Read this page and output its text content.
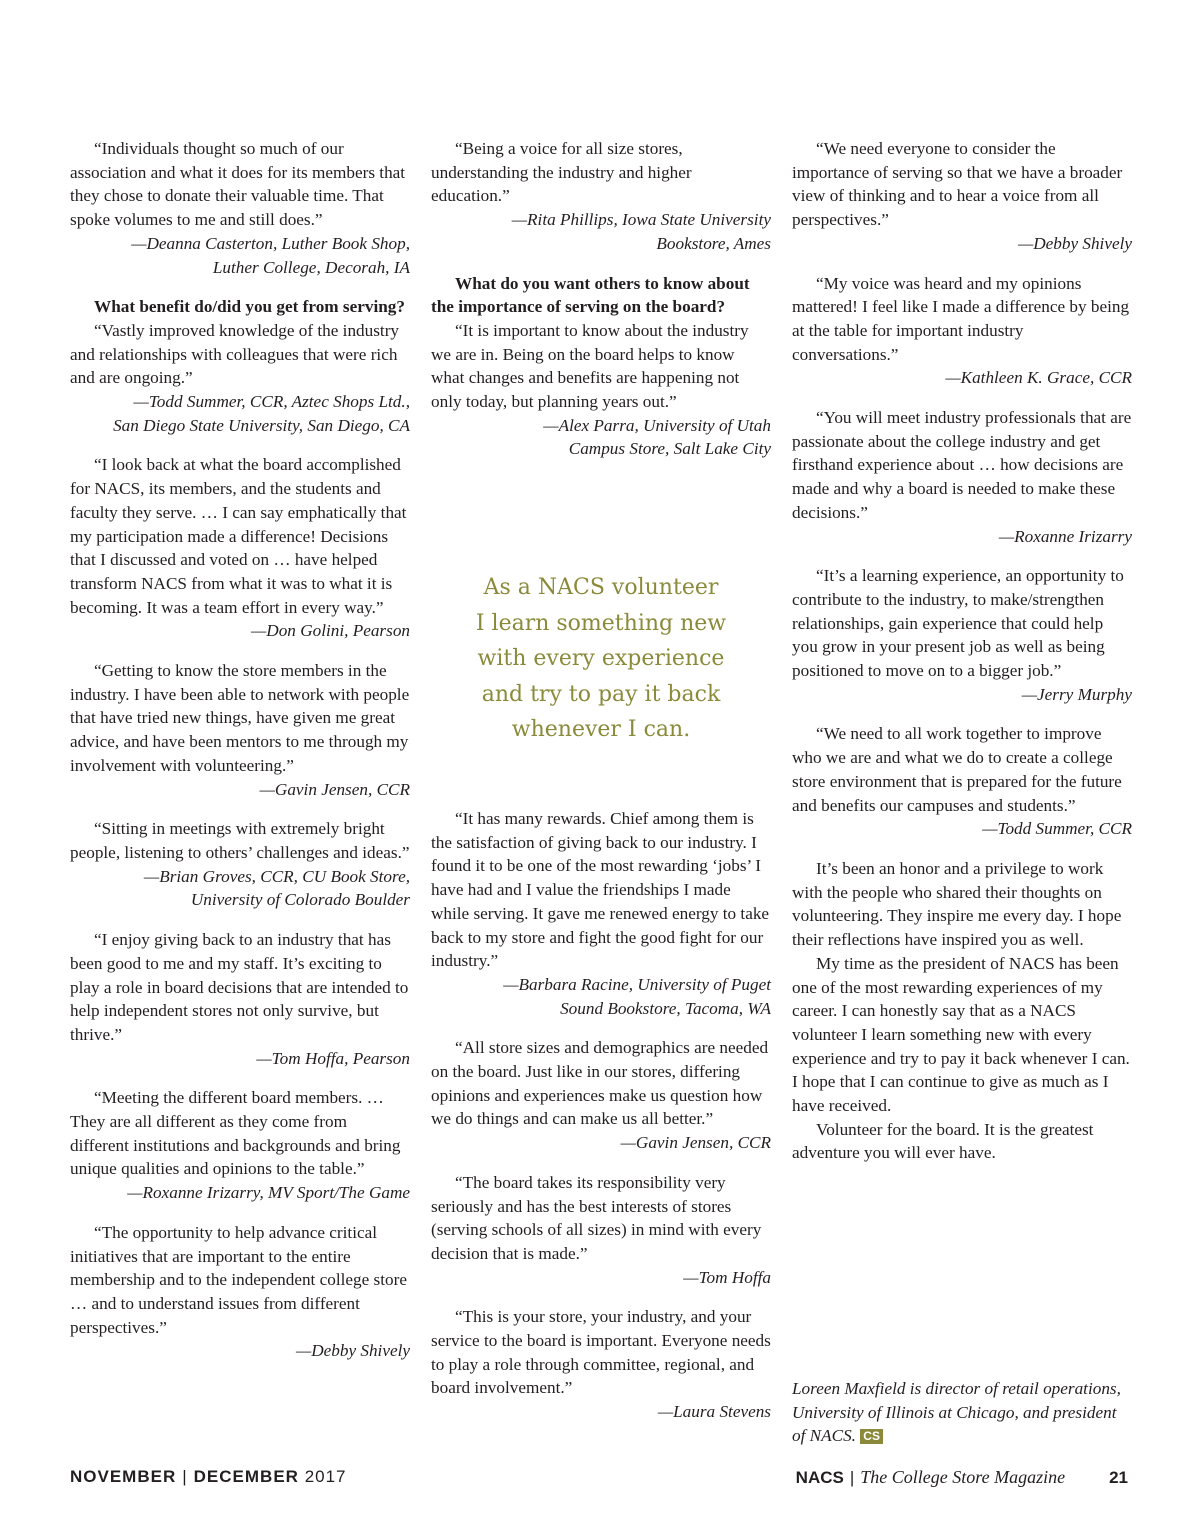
“Individuals thought so much of our association and what it does for its members that they chose to donate their valuable time. That spoke volumes to me and still does.”

—Deanna Casterton, Luther Book Shop,
Luther College, Decorah, IA

What benefit do/did you get from serving?

“Vastly improved knowledge of the industry and relationships with colleagues that were rich and are ongoing.”

—Todd Summer, CCR, Aztec Shops Ltd.,
San Diego State University, San Diego, CA

“I look back at what the board accomplished for NACS, its members, and the students and faculty they serve. … I can say emphatically that my participation made a difference! Decisions that I discussed and voted on … have helped transform NACS from what it was to what it is becoming. It was a team effort in every way.”

—Don Golini, Pearson

“Getting to know the store members in the industry. I have been able to network with people that have tried new things, have given me great advice, and have been mentors to me through my involvement with volunteering.”

—Gavin Jensen, CCR

“Sitting in meetings with extremely bright people, listening to others’ challenges and ideas.”

—Brian Groves, CCR, CU Book Store,
University of Colorado Boulder

“I enjoy giving back to an industry that has been good to me and my staff. It’s exciting to play a role in board decisions that are intended to help independent stores not only survive, but thrive.”

—Tom Hoffa, Pearson

“Meeting the different board members. … They are all different as they come from different institutions and backgrounds and bring unique qualities and opinions to the table.”

—Roxanne Irizarry, MV Sport/The Game

“The opportunity to help advance critical initiatives that are important to the entire membership and to the independent college store … and to understand issues from different perspectives.”

—Debby Shively

“Being a voice for all size stores, understanding the industry and higher education.”

—Rita Phillips, Iowa State University
Bookstore, Ames

What do you want others to know about the importance of serving on the board?

“It is important to know about the industry we are in. Being on the board helps to know what changes and benefits are happening not only today, but planning years out.”

—Alex Parra, University of Utah
Campus Store, Salt Lake City

As a NACS volunteer
I learn something new
with every experience
and try to pay it back
whenever I can.

“It has many rewards. Chief among them is the satisfaction of giving back to our industry. I found it to be one of the most rewarding ‘jobs’ I have had and I value the friendships I made while serving. It gave me renewed energy to take back to my store and fight the good fight for our industry.”

—Barbara Racine, University of Puget
Sound Bookstore, Tacoma, WA

“All store sizes and demographics are needed on the board. Just like in our stores, differing opinions and experiences make us question how we do things and can make us all better.”

—Gavin Jensen, CCR

“The board takes its responsibility very seriously and has the best interests of stores (serving schools of all sizes) in mind with every decision that is made.”

—Tom Hoffa

“This is your store, your industry, and your service to the board is important. Everyone needs to play a role through committee, regional, and board involvement.”

—Laura Stevens

“We need everyone to consider the importance of serving so that we have a broader view of thinking and to hear a voice from all perspectives.”

—Debby Shively

“My voice was heard and my opinions mattered! I feel like I made a difference by being at the table for important industry conversations.”

—Kathleen K. Grace, CCR

“You will meet industry professionals that are passionate about the college industry and get firsthand experience about … how decisions are made and why a board is needed to make these decisions.”

—Roxanne Irizarry

“It’s a learning experience, an opportunity to contribute to the industry, to make/strengthen relationships, gain experience that could help you grow in your present job as well as being positioned to move on to a bigger job.”

—Jerry Murphy

“We need to all work together to improve who we are and what we do to create a college store environment that is prepared for the future and benefits our campuses and students.”

—Todd Summer, CCR

It’s been an honor and a privilege to work with the people who shared their thoughts on volunteering. They inspire me every day. I hope their reflections have inspired you as well.

My time as the president of NACS has been one of the most rewarding experiences of my career. I can honestly say that as a NACS volunteer I learn something new with every experience and try to pay it back whenever I can. I hope that I can continue to give as much as I have received.

Volunteer for the board. It is the greatest adventure you will ever have.

Loreen Maxfield is director of retail operations, University of Illinois at Chicago, and president of NACS. CS

NOVEMBER | DECEMBER 2017	NACS | The College Store Magazine	21
